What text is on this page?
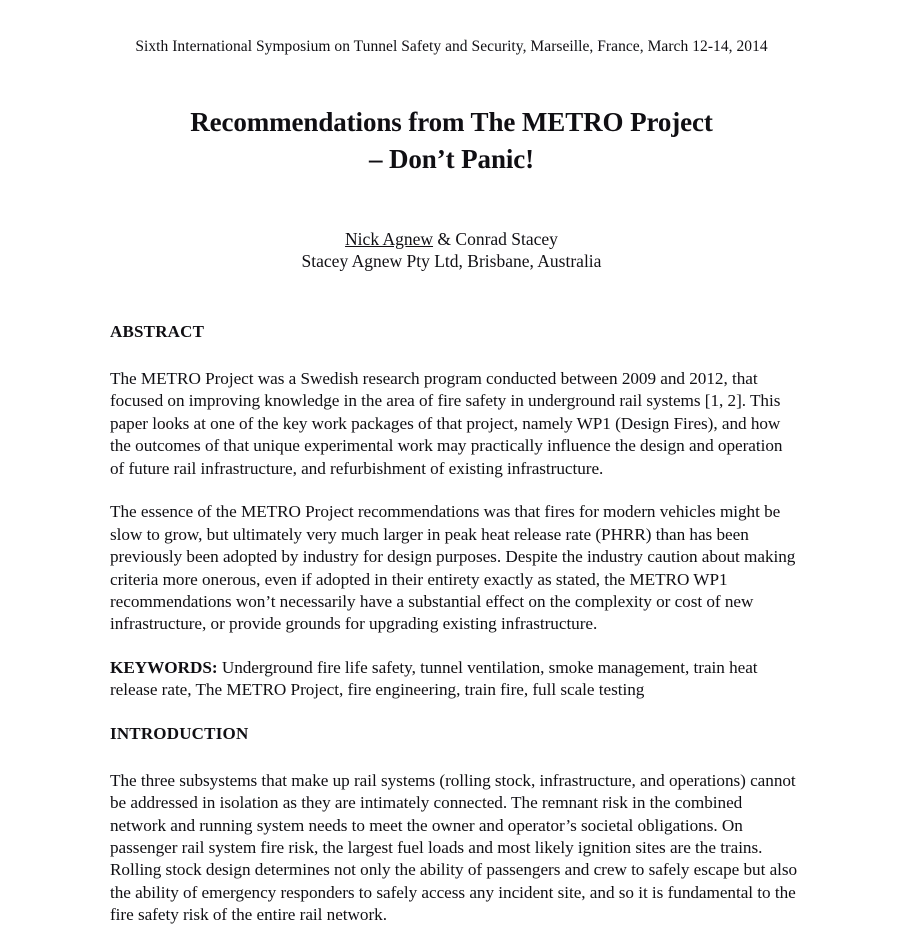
Sixth International Symposium on Tunnel Safety and Security, Marseille, France, March 12-14, 2014
Recommendations from The METRO Project
– Don’t Panic!
Nick Agnew & Conrad Stacey
Stacey Agnew Pty Ltd, Brisbane, Australia
ABSTRACT

The METRO Project was a Swedish research program conducted between 2009 and 2012, that focused on improving knowledge in the area of fire safety in underground rail systems [1, 2]. This paper looks at one of the key work packages of that project, namely WP1 (Design Fires), and how the outcomes of that unique experimental work may practically influence the design and operation of future rail infrastructure, and refurbishment of existing infrastructure.

The essence of the METRO Project recommendations was that fires for modern vehicles might be slow to grow, but ultimately very much larger in peak heat release rate (PHRR) than has been previously been adopted by industry for design purposes. Despite the industry caution about making criteria more onerous, even if adopted in their entirety exactly as stated, the METRO WP1 recommendations won’t necessarily have a substantial effect on the complexity or cost of new infrastructure, or provide grounds for upgrading existing infrastructure.

KEYWORDS: Underground fire life safety, tunnel ventilation, smoke management, train heat release rate, The METRO Project, fire engineering, train fire, full scale testing

INTRODUCTION

The three subsystems that make up rail systems (rolling stock, infrastructure, and operations) cannot be addressed in isolation as they are intimately connected. The remnant risk in the combined network and running system needs to meet the owner and operator’s societal obligations. On passenger rail system fire risk, the largest fuel loads and most likely ignition sites are the trains. Rolling stock design determines not only the ability of passengers and crew to safely escape but also the ability of emergency responders to safely access any incident site, and so it is fundamental to the fire safety risk of the entire rail network.
